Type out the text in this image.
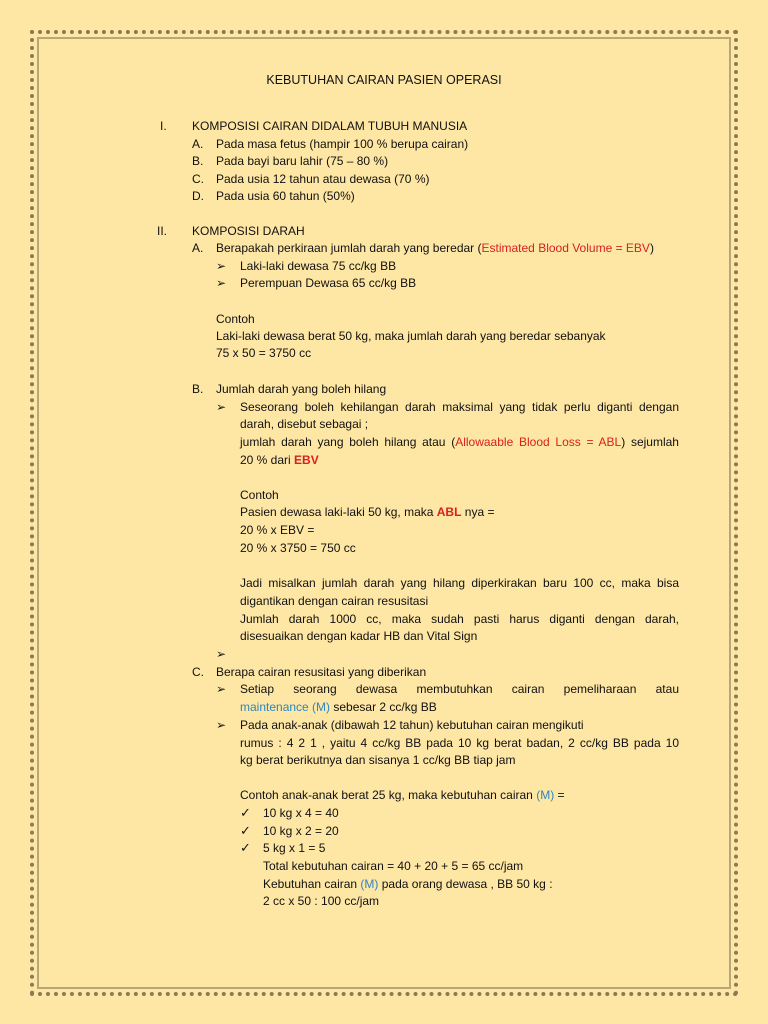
KEBUTUHAN CAIRAN PASIEN OPERASI
I. KOMPOSISI CAIRAN DIDALAM TUBUH MANUSIA
A. Pada masa fetus (hampir 100 % berupa cairan)
B. Pada bayi baru lahir (75 – 80 %)
C. Pada usia 12 tahun atau dewasa (70 %)
D. Pada usia 60 tahun (50%)
II. KOMPOSISI DARAH
A. Berapakah perkiraan jumlah darah yang beredar (Estimated Blood Volume = EBV)
➢ Laki-laki dewasa 75 cc/kg BB
➢ Perempuan Dewasa 65 cc/kg BB
Contoh
Laki-laki dewasa berat 50 kg, maka jumlah darah yang beredar sebanyak
75 x 50 = 3750 cc
B. Jumlah darah yang boleh hilang
➢ Seseorang boleh kehilangan darah maksimal yang tidak perlu diganti dengan
darah, disebut sebagai ;
jumlah darah yang boleh hilang atau (Allowaable Blood Loss = ABL) sejumlah
20 % dari EBV
Contoh
Pasien dewasa laki-laki 50 kg, maka ABL nya =
20 % x EBV =
20 % x 3750 = 750 cc
Jadi misalkan jumlah darah yang hilang diperkirakan baru 100 cc, maka bisa
digantikan dengan cairan resusitasi
Jumlah darah 1000 cc, maka sudah pasti harus diganti dengan darah,
disesuaikan dengan kadar HB dan Vital Sign
➢
C. Berapa cairan resusitasi yang diberikan
➢ Setiap seorang dewasa membutuhkan cairan pemeliharaan atau
maintenance (M) sebesar 2 cc/kg BB
➢ Pada anak-anak (dibawah 12 tahun) kebutuhan cairan mengikuti
rumus : 4 2 1 , yaitu 4 cc/kg BB pada 10 kg berat badan, 2 cc/kg BB pada 10
kg berat berikutnya dan sisanya 1 cc/kg BB tiap jam
Contoh anak-anak berat 25 kg, maka kebutuhan cairan (M) =
✓ 10 kg x 4 = 40
✓ 10 kg x 2 = 20
✓ 5 kg x 1 = 5
Total kebutuhan cairan = 40 + 20 + 5 = 65 cc/jam
Kebutuhan cairan (M) pada orang dewasa , BB 50 kg :
2 cc x 50 : 100 cc/jam
